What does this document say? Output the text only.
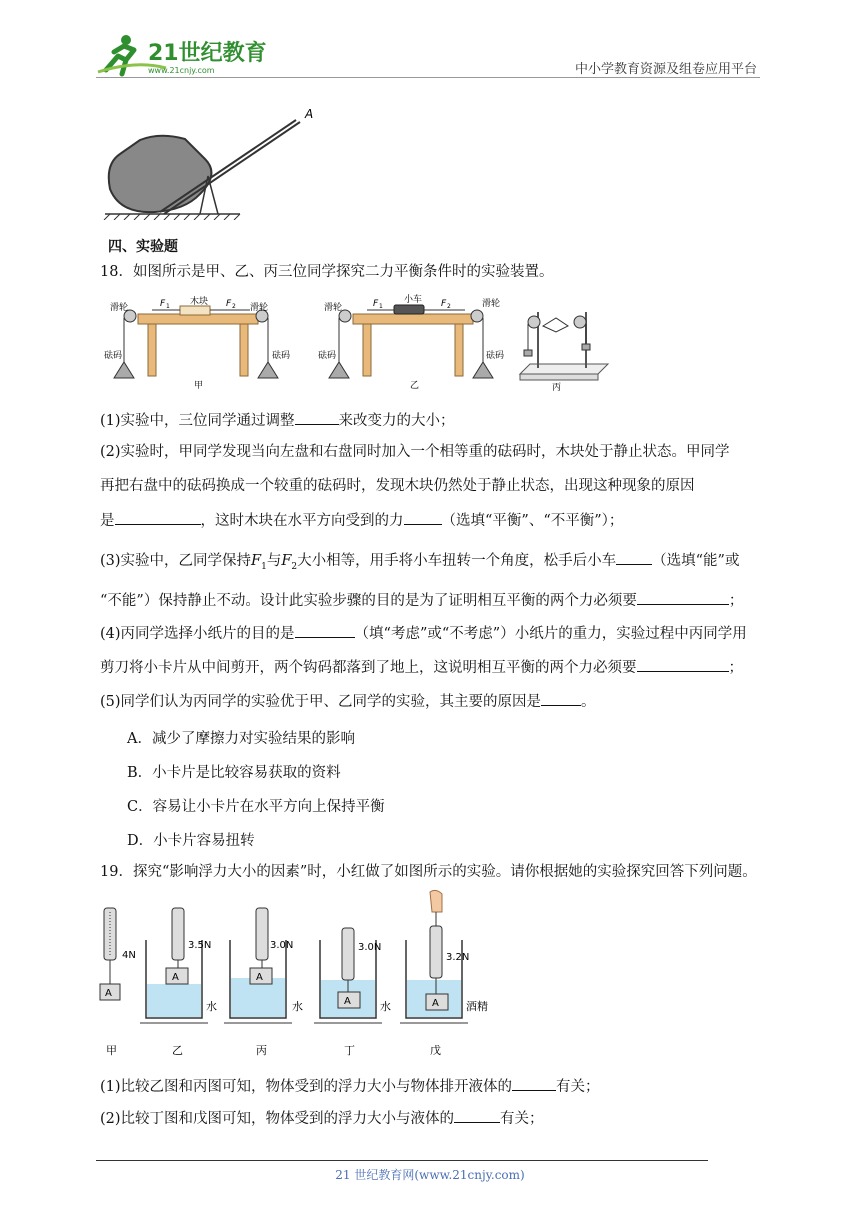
21世纪教育
www.21cnjy.com	中小学教育资源及组卷应用平台
A
四、实验题
18．如图所示是甲、乙、丙三位同学探究二力平衡条件时的实验装置。
滑轮	滑轮
砝码	砝码
木块
F 1	F 2
甲
滑轮	滑轮
砝码	砝码
小车
F 1	F 2
乙	丙
(1)实验中，三位同学通过调整	来改变力的大小；
(2)实验时，甲同学发现当向左盘和右盘同时加入一个相等重的砝码时，木块处于静止状态。甲同学
再把右盘中的砝码换成一个较重的砝码时，发现木块仍然处于静止状态，出现这种现象的原因
是	，这时木块在水平方向受到的力	（选填“平衡”、“不平衡”）；
(3)实验中，乙同学保持$F_1$与$F_2$大小相等，用手将小车扭转一个角度，松手后小车 （选填“能”或
“不能”）保持静止不动。设计此实验步骤的目的是为了证明相互平衡的两个力必须要	；
(4)丙同学选择小纸片的目的是	（填“考虑”或“不考虑”）小纸片的重力，实验过程中丙同学用
剪刀将小卡片从中间剪开，两个钩码都落到了地上，这说明相互平衡的两个力必须要	；
(5)同学们认为丙同学的实验优于甲、乙同学的实验，其主要的原因是	。
A．减少了摩擦力对实验结果的影响
B．小卡片是比较容易获取的资料
C．容易让小卡片在水平方向上保持平衡
D．小卡片容易扭转
19．探究“影响浮力大小的因素”时，小红做了如图所示的实验。请你根据她的实验探究回答下列问题。
A
4N
甲
A
3.5N
水
乙
A
3.0N
水
丙
A
3.0N
水
丁
A
3.2N
酒精
戊
(1)比较乙图和丙图可知，物体受到的浮力大小与物体排开液体的	有关；
(2)比较丁图和戊图可知，物体受到的浮力大小与液体的	有关；
21 世纪教育网(www.21cnjy.com)
